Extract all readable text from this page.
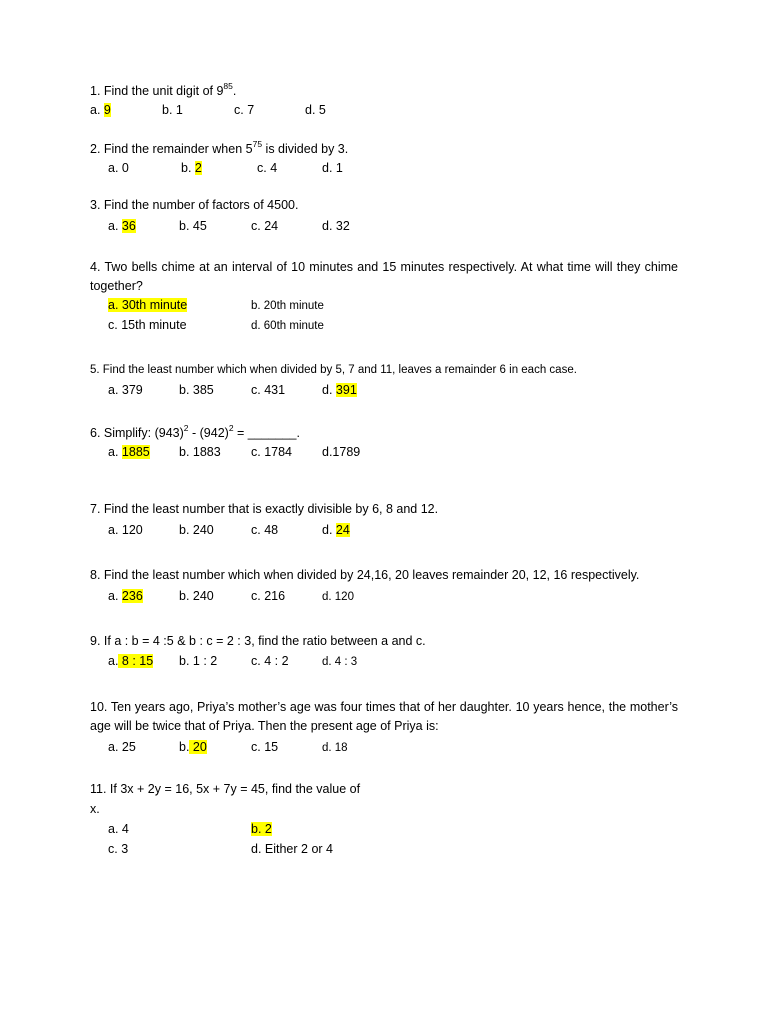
1. Find the unit digit of $9^{85}$.
a. 9	b. 1	c. 7	d. 5
2. Find the remainder when $5^{75}$ is divided by 3.
a. 0	b. 2	c. 4	d. 1
3. Find the number of factors of 4500.
a. 36	b. 45	c. 24	d. 32
4. Two bells chime at an interval of 10 minutes and 15 minutes respectively. At what time will they chime together?
a. 30th minute	b. 20th minute
c. 15th minute	d. 60th minute
5. Find the least number which when divided by 5, 7 and 11, leaves a remainder 6 in each case.
a. 379	b. 385	c. 431	d. 391
6. Simplify: $(943)^2 - (942)^2$ = _______.
a. 1885 b. 1883 c. 1784 d.1789
7. Find the least number that is exactly divisible by 6, 8 and 12.
a. 120	b. 240	c. 48	d. 24
8. Find the least number which when divided by 24,16, 20 leaves remainder 20, 12, 16 respectively.
a. 236	b. 240	c. 216	d. 120
9. If a : b = 4 :5 & b : c = 2 : 3, find the ratio between a and c.
a. 8 : 15 b. 1 : 2	c. 4 : 2	d. 4 : 3
10. Ten years ago, Priya’s mother’s age was four times that of her daughter. 10 years hence, the mother’s age will be twice that of Priya. Then the present age of Priya is:
a. 25	b. 20	c. 15	d. 18
11. If 3x + 2y = 16, 5x + 7y = 45, find the value of
x.
a. 4	b. 2
c. 3	d. Either 2 or 4
